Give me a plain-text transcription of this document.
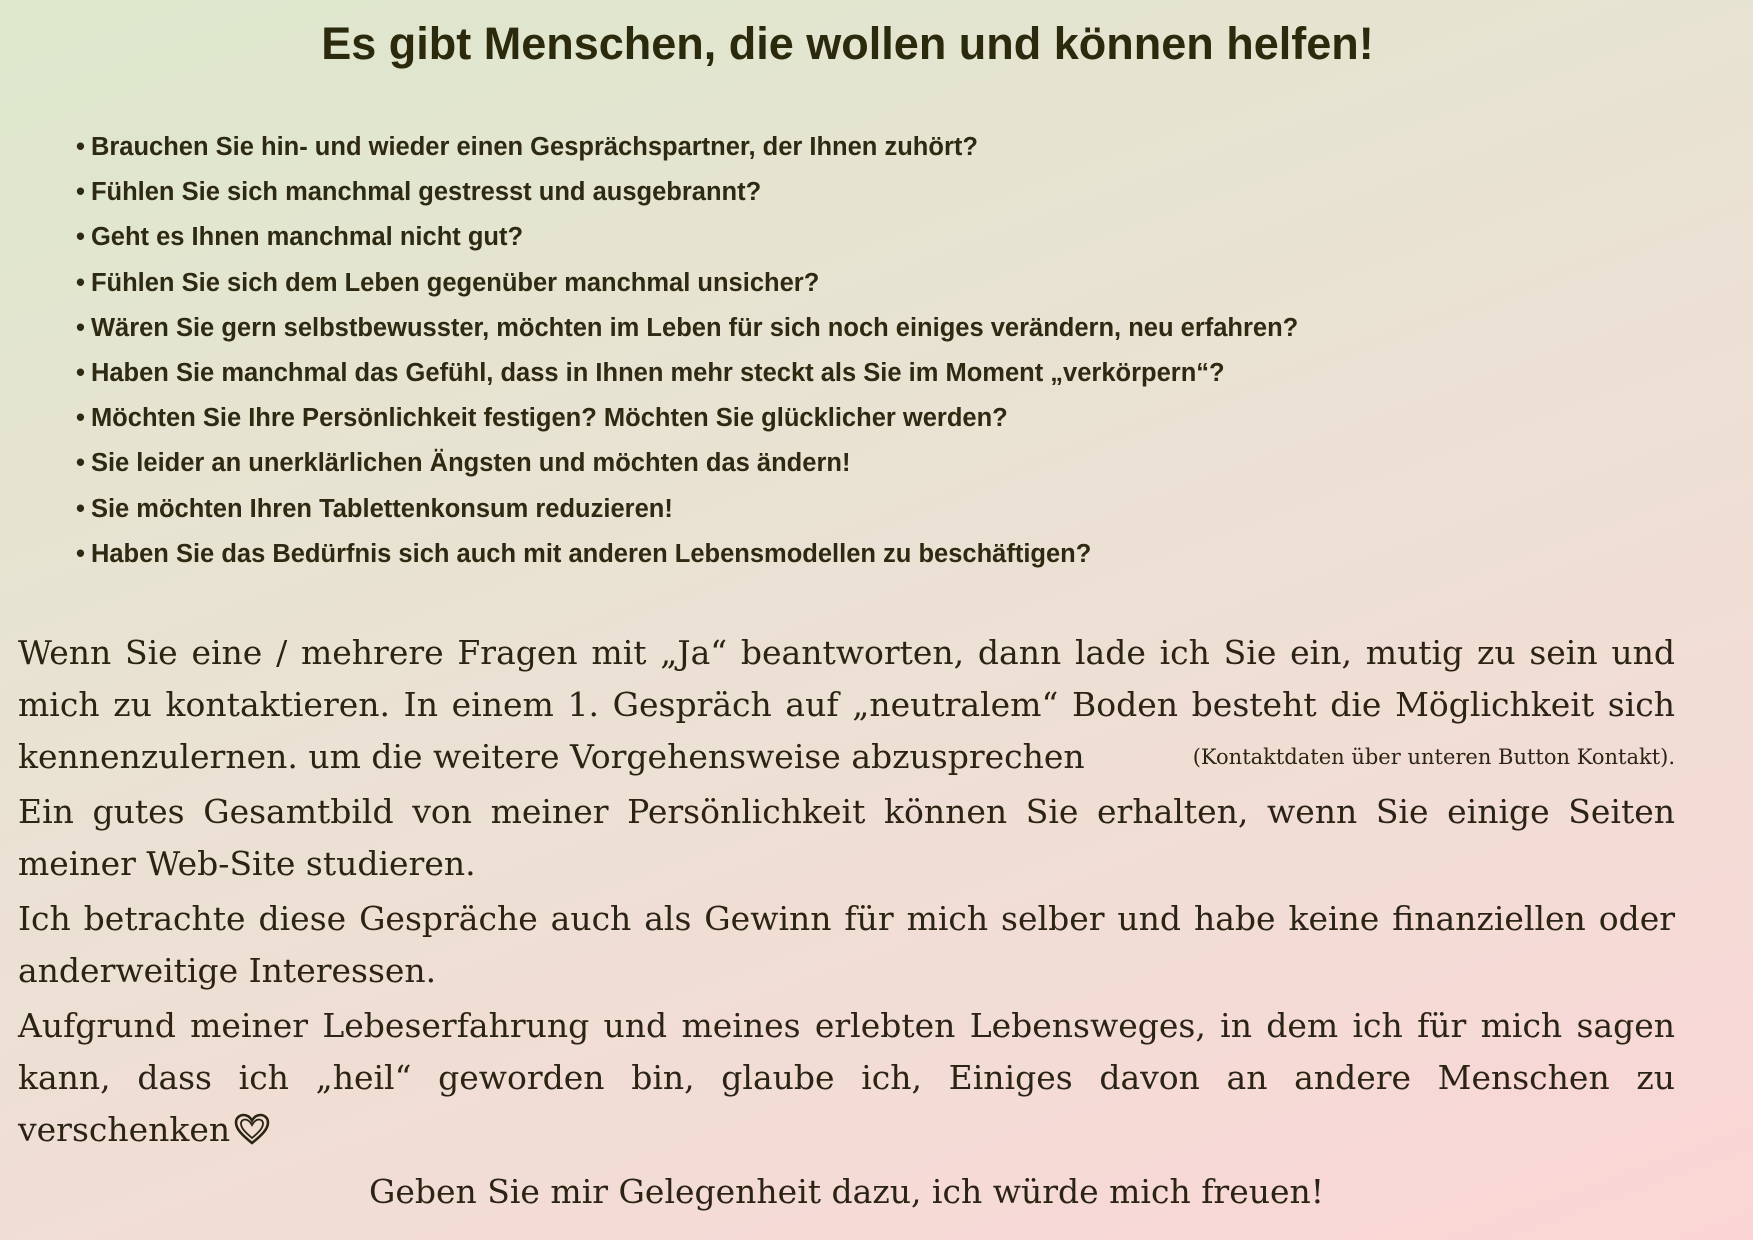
Es gibt Menschen, die wollen und können helfen!
• Brauchen Sie hin- und wieder einen Gesprächspartner, der Ihnen zuhört?
• Fühlen Sie sich manchmal gestresst und ausgebrannt?
• Geht es Ihnen manchmal nicht gut?
• Fühlen Sie sich dem Leben gegenüber manchmal unsicher?
• Wären Sie gern selbstbewusster, möchten im Leben für sich noch einiges verändern, neu erfahren?
• Haben Sie manchmal das Gefühl, dass in Ihnen mehr steckt als Sie im Moment „verkörpern“?
• Möchten Sie Ihre Persönlichkeit festigen? Möchten Sie glücklicher werden?
• Sie leider an unerklärlichen Ängsten und möchten das ändern!
• Sie möchten Ihren Tablettenkonsum reduzieren!
• Haben Sie das Bedürfnis sich auch mit anderen Lebensmodellen zu beschäftigen?

Wenn Sie eine / mehrere Fragen mit „Ja“ beantworten, dann lade ich Sie ein, mutig zu sein und mich zu kontaktieren. In einem 1. Gespräch auf „neutralem“ Boden besteht die Möglichkeit sich kennenzulernen. um die weitere Vorgehensweise abzusprechen	(Kontaktdaten über unteren Button Kontakt).

Ein gutes Gesamtbild von meiner Persönlichkeit können Sie erhalten, wenn Sie einige Seiten meiner Web-Site studieren.

Ich betrachte diese Gespräche auch als Gewinn für mich selber und habe keine finanziellen oder anderweitige Interessen.

Aufgrund meiner Lebeserfahrung und meines erlebten Lebensweges, in dem ich für mich sagen kann, dass ich „heil“ geworden bin, glaube ich, Einiges davon an andere Menschen zu verschenken

Geben Sie mir Gelegenheit dazu, ich würde mich freuen!
